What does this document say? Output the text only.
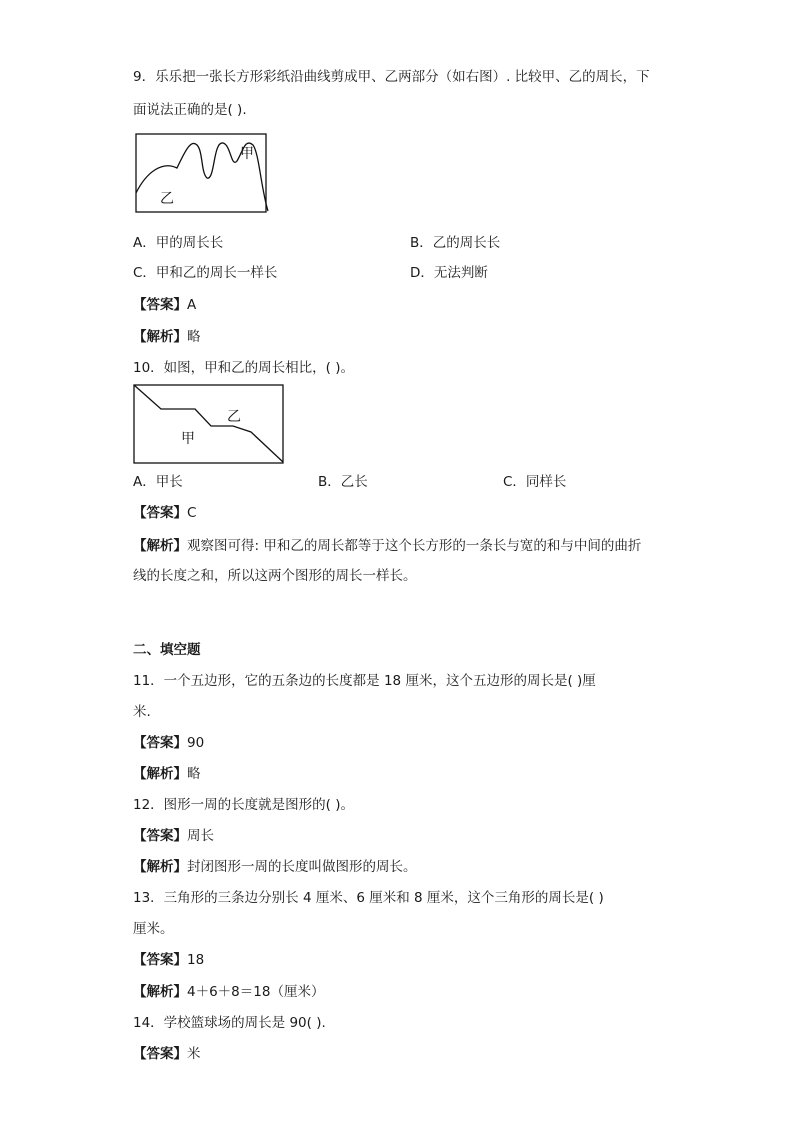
9．乐乐把一张长方形彩纸沿曲线剪成甲、乙两部分（如右图）. 比较甲、乙的周长，下
面说法正确的是( ).
甲
乙
A．甲的周长长	B．乙的周长长
C．甲和乙的周长一样长	D．无法判断
【答案】A
【解析】略
10．如图，甲和乙的周长相比，( )。
乙
甲
A．甲长	B．乙长	C．同样长
【答案】C
【解析】观察图可得: 甲和乙的周长都等于这个长方形的一条长与宽的和与中间的曲折
线的长度之和，所以这两个图形的周长一样长。
二、填空题
11．一个五边形，它的五条边的长度都是 18 厘米，这个五边形的周长是( )厘
米.
【答案】90
【解析】略
12．图形一周的长度就是图形的( )。
【答案】周长
【解析】封闭图形一周的长度叫做图形的周长。
13．三角形的三条边分别长 4 厘米、6 厘米和 8 厘米，这个三角形的周长是( )
厘米。
【答案】18
【解析】4＋6＋8＝18（厘米）
14．学校篮球场的周长是 90( ).
【答案】米
